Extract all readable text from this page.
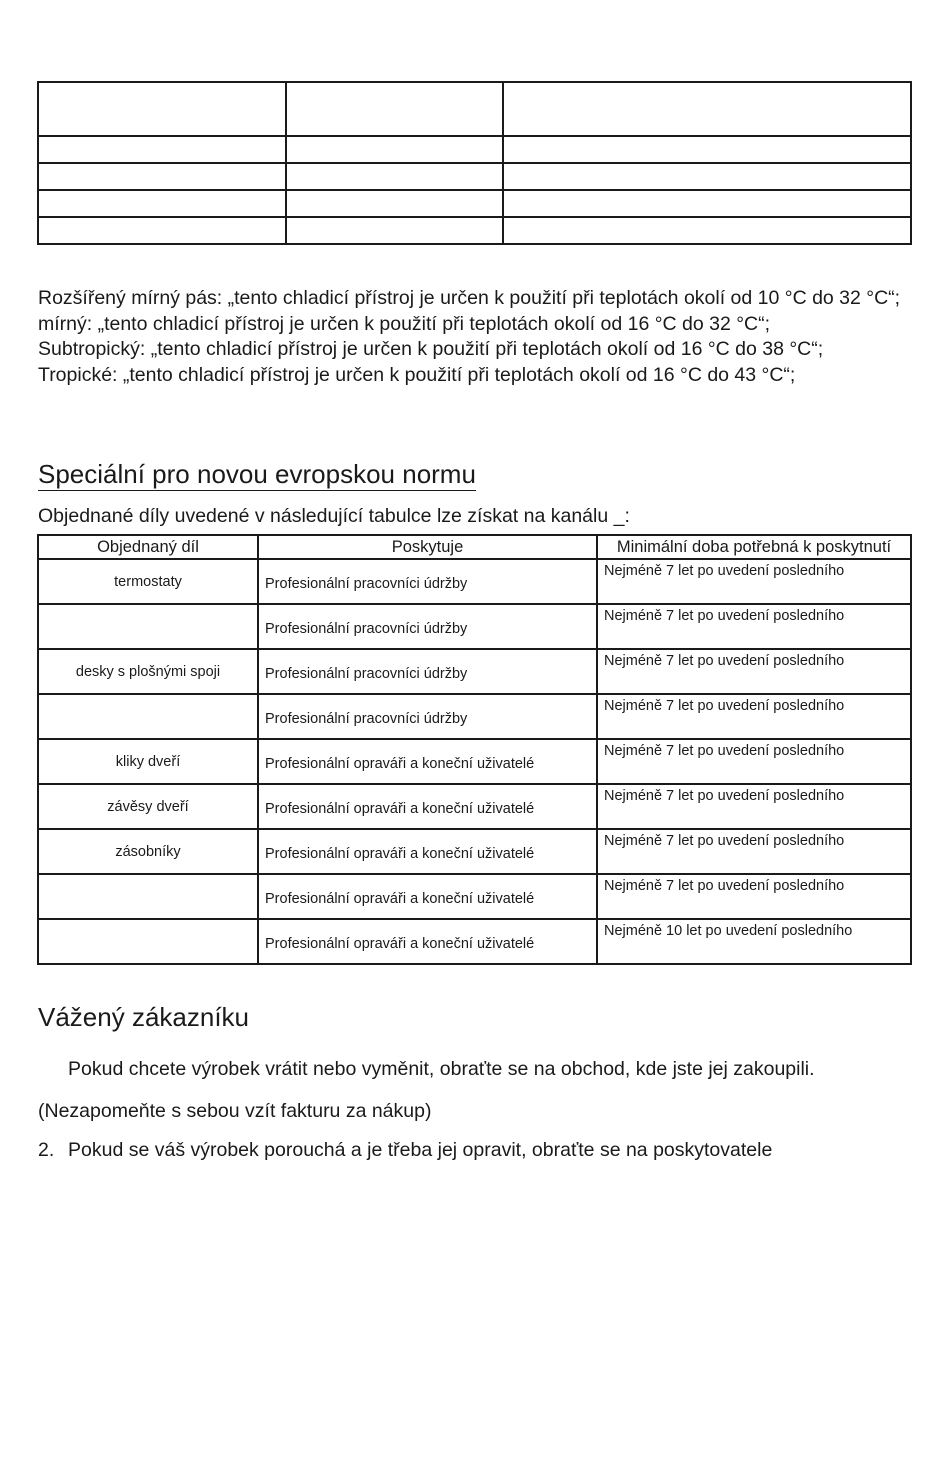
Rozšířený mírný pás: „tento chladicí přístroj je určen k použití při teplotách okolí od 10 °C do 32 °C“;

mírný: „tento chladicí přístroj je určen k použití při teplotách okolí od 16 °C do 32 °C“;

Subtropický: „tento chladicí přístroj je určen k použití při teplotách okolí od 16 °C do 38 °C“;

Tropické: „tento chladicí přístroj je určen k použití při teplotách okolí od 16 °C do 43 °C“;

Speciální pro novou evropskou normu
Objednané díly uvedené v následující tabulce lze získat na kanálu _:
Objednaný díl	Poskytuje	Minimální doba potřebná k poskytnutí
termostaty	Profesionální pracovníci údržby	Nejméně 7 let po uvedení posledního
	Profesionální pracovníci údržby	Nejméně 7 let po uvedení posledního
desky s plošnými spoji	Profesionální pracovníci údržby	Nejméně 7 let po uvedení posledního
	Profesionální pracovníci údržby	Nejméně 7 let po uvedení posledního
kliky dveří	Profesionální opraváři a koneční uživatelé	Nejméně 7 let po uvedení posledního
závěsy dveří	Profesionální opraváři a koneční uživatelé	Nejméně 7 let po uvedení posledního
zásobníky	Profesionální opraváři a koneční uživatelé	Nejméně 7 let po uvedení posledního
	Profesionální opraváři a koneční uživatelé	Nejméně 7 let po uvedení posledního
	Profesionální opraváři a koneční uživatelé	Nejméně 10 let po uvedení posledního
Vážený zákazníku
Pokud chcete výrobek vrátit nebo vyměnit, obraťte se na obchod, kde jste jej zakoupili.
(Nezapomeňte s sebou vzít fakturu za nákup)
2. Pokud se váš výrobek porouchá a je třeba jej opravit, obraťte se na poskytovatele
